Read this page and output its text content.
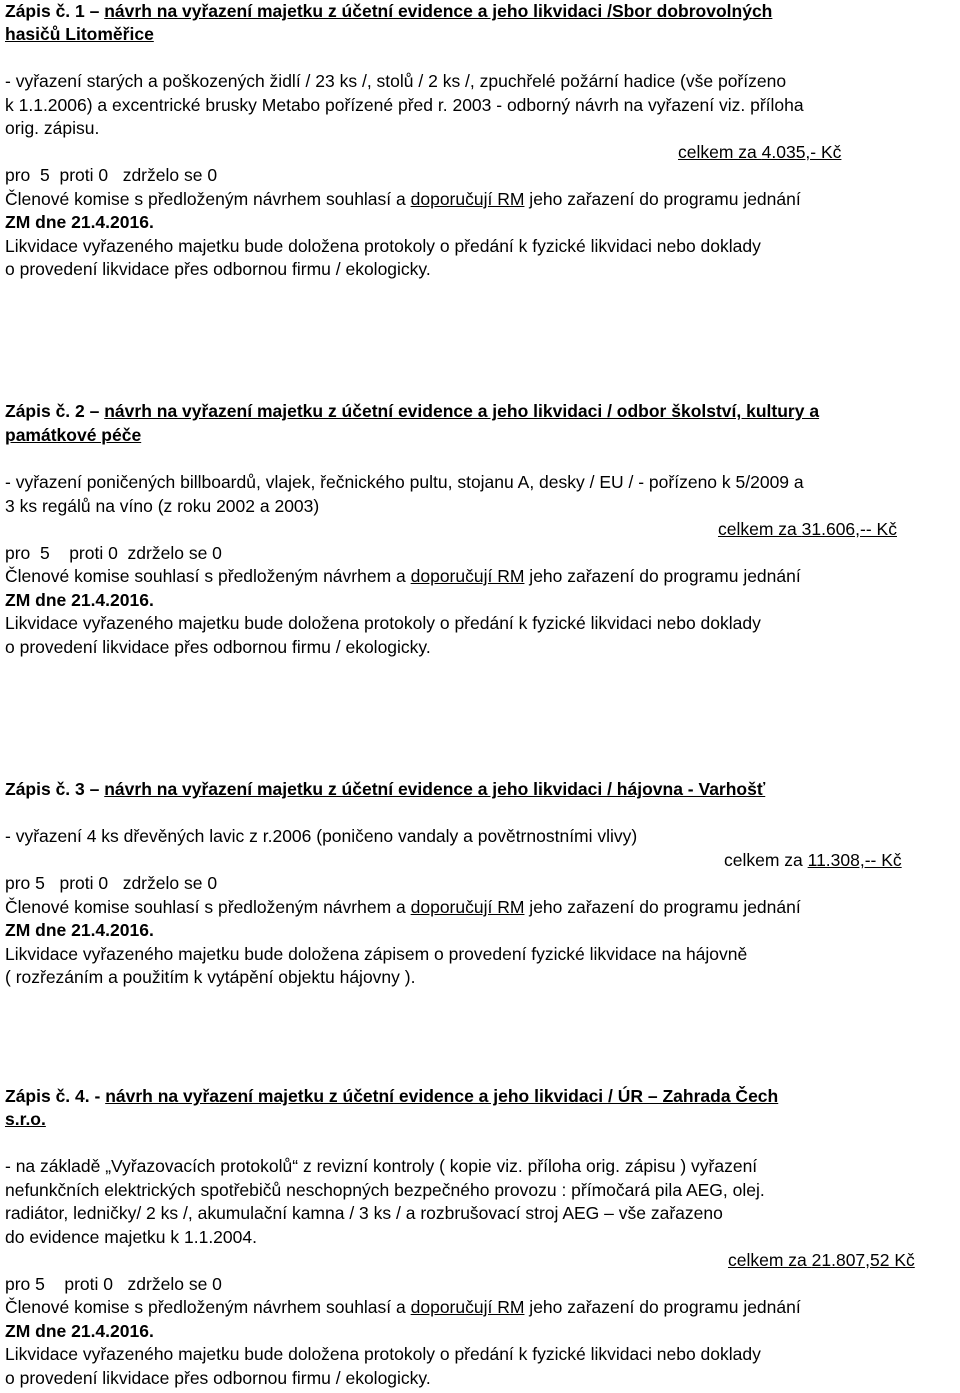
Zápis č. 1 – návrh na vyřazení majetku z účetní evidence a jeho likvidaci /Sbor dobrovolných
hasičů Litoměřice
- vyřazení starých a poškozených židlí / 23 ks /, stolů / 2 ks /, zpuchřelé požární hadice (vše pořízeno
k 1.1.2006) a excentrické brusky Metabo pořízené před r. 2003 - odborný návrh na vyřazení viz. příloha
orig. zápisu.
celkem za 4.035,- Kč
pro  5  proti 0   zdrželo se 0
Členové komise s předloženým návrhem souhlasí a doporučují RM jeho zařazení do programu jednání
ZM dne 21.4.2016.
Likvidace vyřazeného majetku bude doložena protokoly o předání k fyzické likvidaci nebo doklady
o provedení likvidace přes odbornou firmu / ekologicky.
Zápis č. 2 – návrh na vyřazení majetku z účetní evidence a jeho likvidaci / odbor školství, kultury a
památkové péče
- vyřazení poničených billboardů, vlajek, řečnického pultu, stojanu A, desky / EU / - pořízeno k 5/2009 a
3 ks regálů na víno (z roku 2002 a 2003)
celkem za 31.606,-- Kč
pro  5    proti 0  zdrželo se 0
Členové komise souhlasí s předloženým návrhem a doporučují RM jeho zařazení do programu jednání
ZM dne 21.4.2016.
Likvidace vyřazeného majetku bude doložena protokoly o předání k fyzické likvidaci nebo doklady
o provedení likvidace přes odbornou firmu / ekologicky.
Zápis č. 3 – návrh na vyřazení majetku z účetní evidence a jeho likvidaci / hájovna - Varhošť
- vyřazení 4 ks dřevěných lavic z r.2006 (poničeno vandaly a povětrnostními vlivy)
celkem za 11.308,-- Kč
pro 5   proti 0   zdrželo se 0
Členové komise souhlasí s předloženým návrhem a doporučují RM jeho zařazení do programu jednání
ZM dne 21.4.2016.
Likvidace vyřazeného majetku bude doložena zápisem o provedení fyzické likvidace na hájovně
( rozřezáním a použitím k vytápění objektu hájovny ).
Zápis č. 4. - návrh na vyřazení majetku z účetní evidence a jeho likvidaci / ÚR – Zahrada Čech
s.r.o.
- na základě „Vyřazovacích protokolů“ z revizní kontroly ( kopie viz. příloha orig. zápisu ) vyřazení
nefunkčních elektrických spotřebičů neschopných bezpečného provozu : přímočará pila AEG, olej.
radiátor, ledničky/ 2 ks /, akumulační kamna / 3 ks / a rozbrušovací stroj AEG – vše zařazeno
do evidence majetku k 1.1.2004.
celkem za 21.807,52 Kč
pro 5    proti 0   zdrželo se 0
Členové komise s předloženým návrhem souhlasí a doporučují RM jeho zařazení do programu jednání
ZM dne 21.4.2016.
Likvidace vyřazeného majetku bude doložena protokoly o předání k fyzické likvidaci nebo doklady
o provedení likvidace přes odbornou firmu / ekologicky.
